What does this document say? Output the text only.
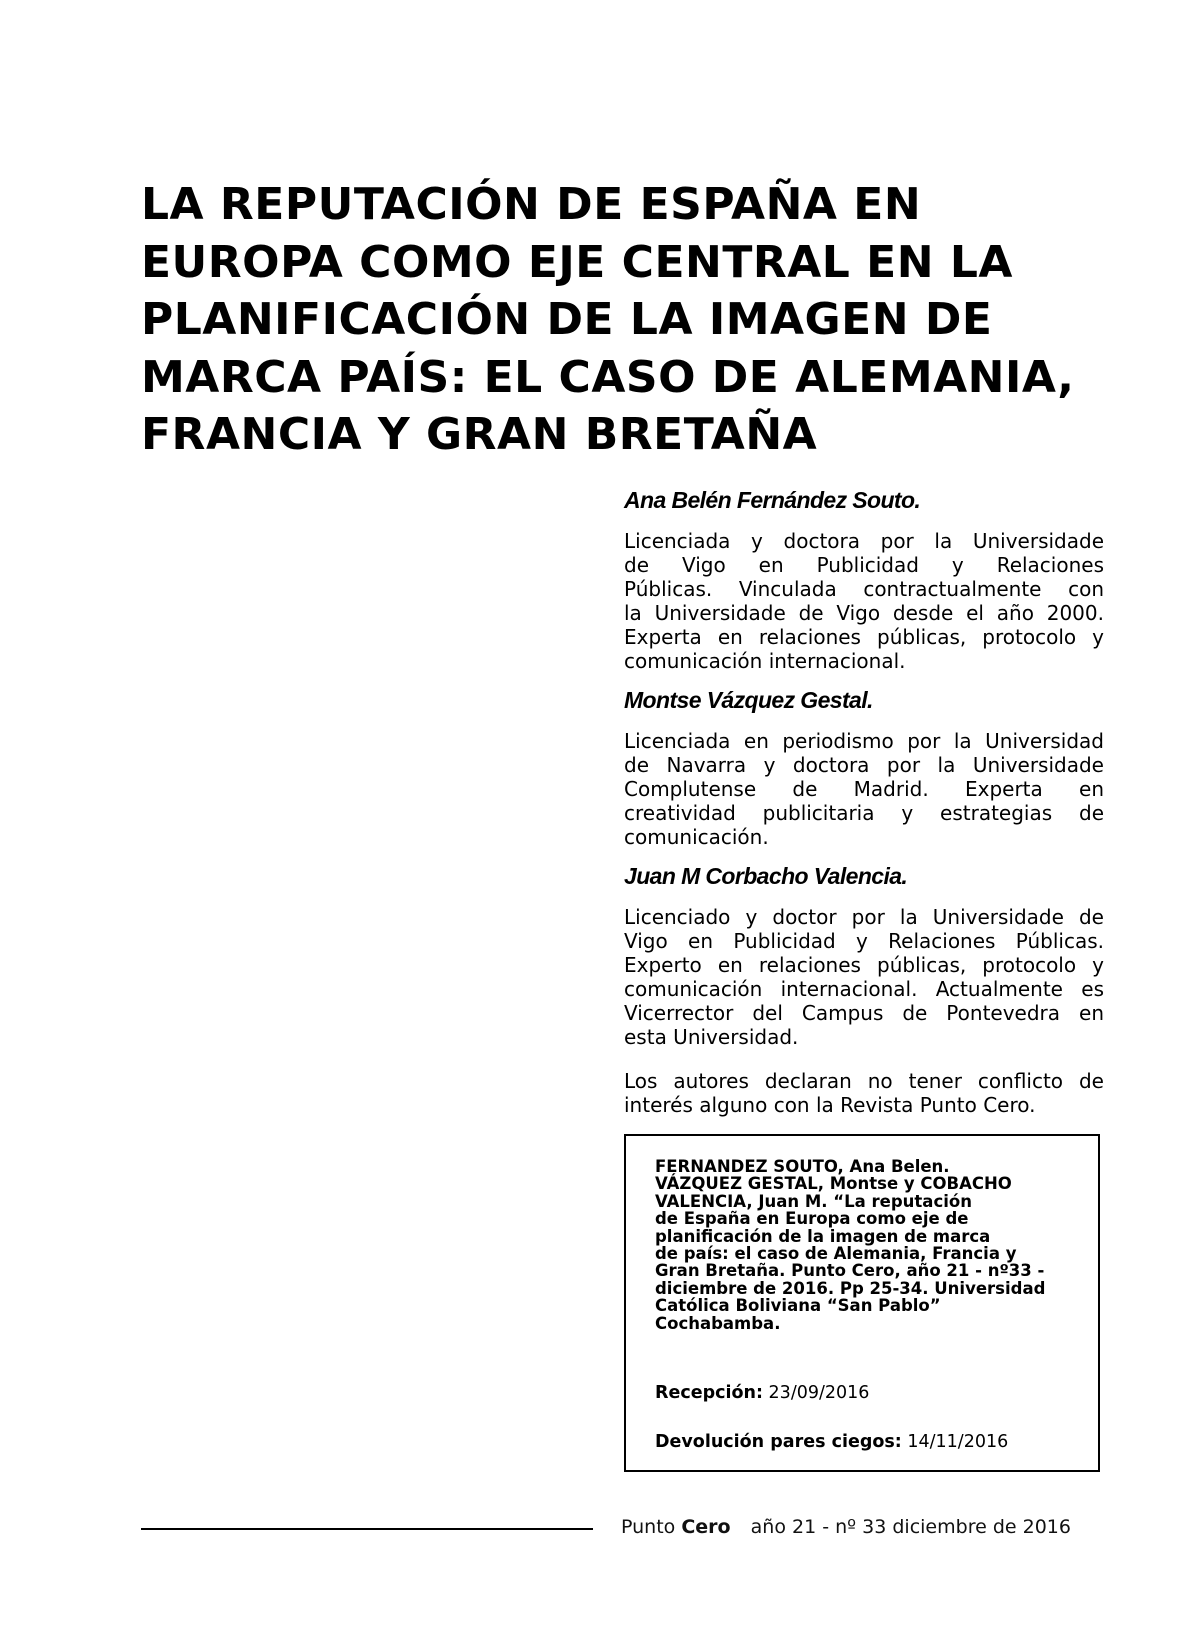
LA REPUTACIÓN DE ESPAÑA EN
EUROPA COMO EJE CENTRAL EN LA
PLANIFICACIÓN DE LA IMAGEN DE
MARCA PAÍS: EL CASO DE ALEMANIA,
FRANCIA Y GRAN BRETAÑA

Ana Belén Fernández Souto.

Licenciada y doctora por la Universidade
de Vigo en Publicidad y Relaciones
Públicas. Vinculada contractualmente con
la Universidade de Vigo desde el año 2000.
Experta en relaciones públicas, protocolo y
comunicación internacional.

Montse Vázquez Gestal.

Licenciada en periodismo por la Universidad
de Navarra y doctora por la Universidade
Complutense de Madrid. Experta en
creatividad publicitaria y estrategias de
comunicación.

Juan M Corbacho Valencia.

Licenciado y doctor por la Universidade de
Vigo en Publicidad y Relaciones Públicas.
Experto en relaciones públicas, protocolo y
comunicación internacional. Actualmente es
Vicerrector del Campus de Pontevedra en
esta Universidad.
Los autores declaran no tener conflicto de
interés alguno con la Revista Punto Cero.

FERNANDEZ SOUTO, Ana Belen.
VÁZQUEZ GESTAL, Montse y COBACHO
VALENCIA, Juan M. “La reputación
de España en Europa como eje de
planificación de la imagen de marca
de país: el caso de Alemania, Francia y
Gran Bretaña. Punto Cero, año 21 - nº33 -
diciembre de 2016. Pp 25-34. Universidad
Católica Boliviana “San Pablo”
Cochabamba.

Recepción: 23/09/2016
Devolución pares ciegos: 14/11/2016
Punto Cero año 21 - nº 33 diciembre de 2016
